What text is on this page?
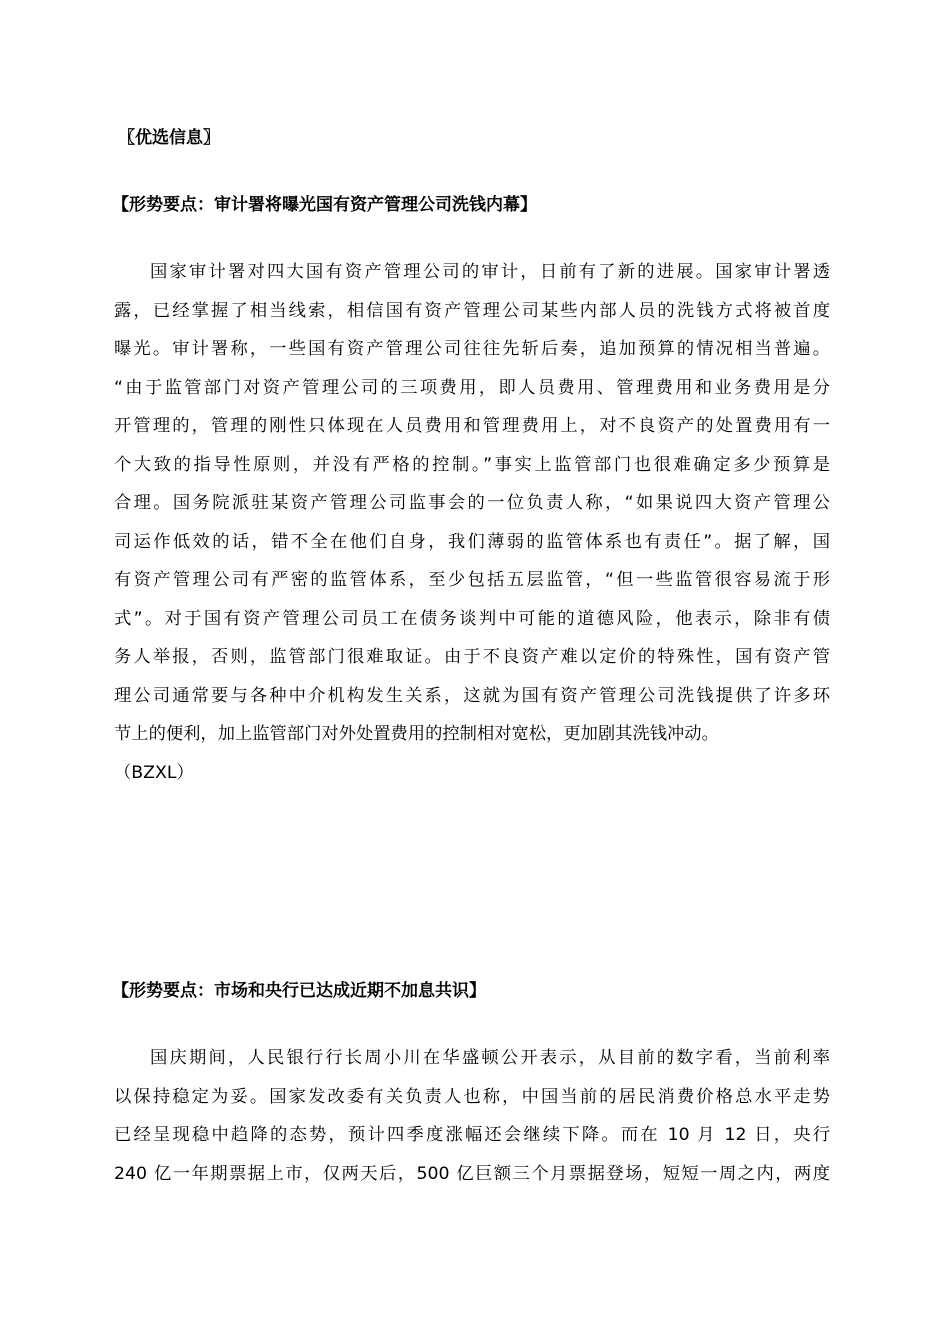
〖优选信息〗
【形势要点：审计署将曝光国有资产管理公司洗钱内幕】
国家审计署对四大国有资产管理公司的审计，日前有了新的进展。国家审计署透
露，已经掌握了相当线索，相信国有资产管理公司某些内部人员的洗钱方式将被首度
曝光。审计署称，一些国有资产管理公司往往先斩后奏，追加预算的情况相当普遍。
“由于监管部门对资产管理公司的三项费用，即人员费用、管理费用和业务费用是分
开管理的，管理的刚性只体现在人员费用和管理费用上，对不良资产的处置费用有一
个大致的指导性原则，并没有严格的控制。”事实上监管部门也很难确定多少预算是
合理。国务院派驻某资产管理公司监事会的一位负责人称，“如果说四大资产管理公
司运作低效的话，错不全在他们自身，我们薄弱的监管体系也有责任”。据了解，国
有资产管理公司有严密的监管体系，至少包括五层监管，“但一些监管很容易流于形
式”。对于国有资产管理公司员工在债务谈判中可能的道德风险，他表示，除非有债
务人举报，否则，监管部门很难取证。由于不良资产难以定价的特殊性，国有资产管
理公司通常要与各种中介机构发生关系，这就为国有资产管理公司洗钱提供了许多环
节上的便利，加上监管部门对外处置费用的控制相对宽松，更加剧其洗钱冲动。
（BZXL）
【形势要点：市场和央行已达成近期不加息共识】
国庆期间，人民银行行长周小川在华盛顿公开表示，从目前的数字看，当前利率
以保持稳定为妥。国家发改委有关负责人也称，中国当前的居民消费价格总水平走势
已经呈现稳中趋降的态势，预计四季度涨幅还会继续下降。而在 10 月 12 日，央行
240 亿一年期票据上市，仅两天后，500 亿巨额三个月票据登场，短短一周之内，两度
